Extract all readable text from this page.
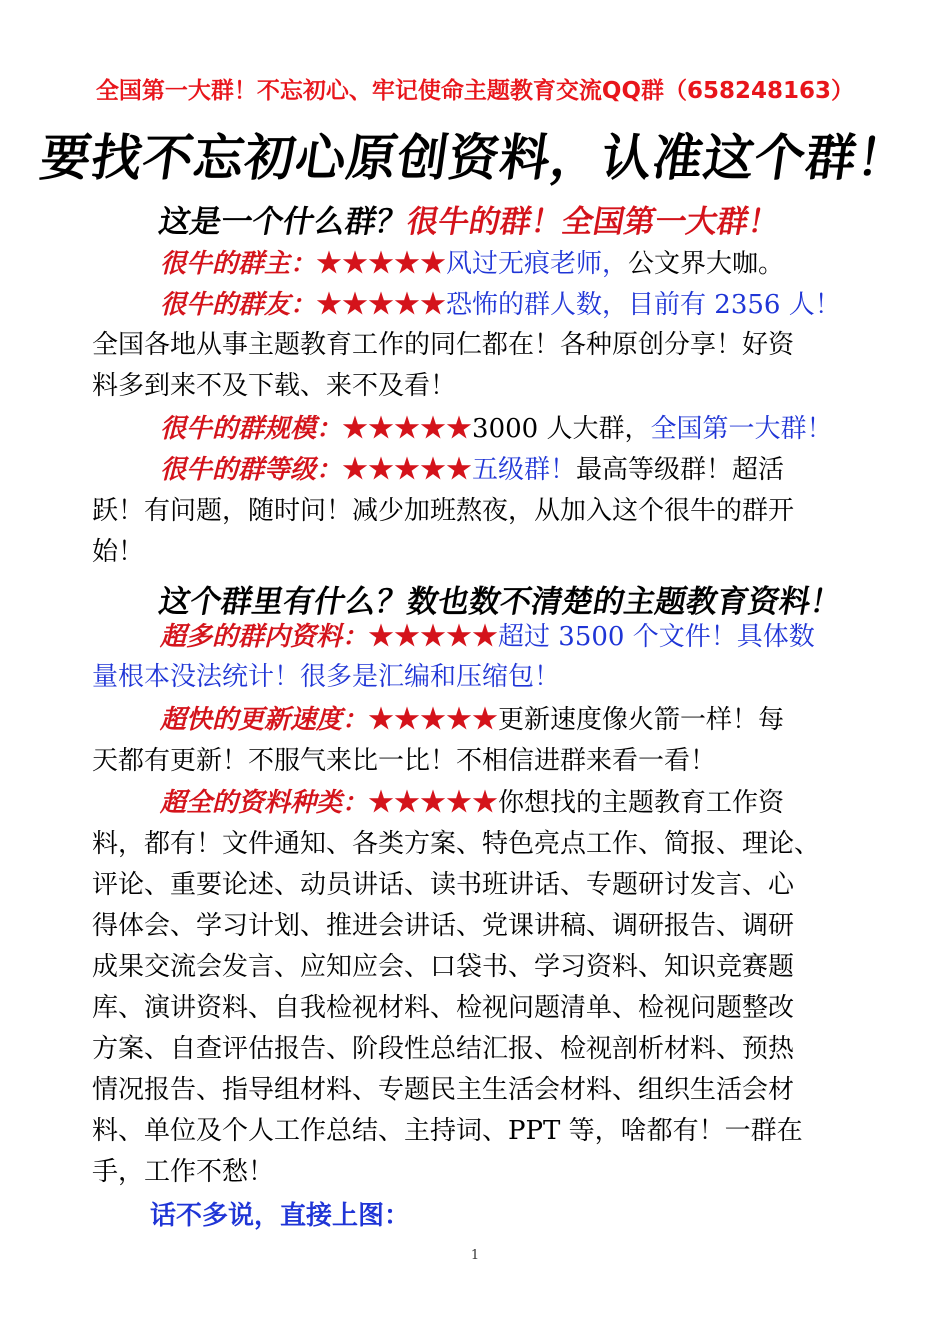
全国第一大群！不忘初心、牢记使命主题教育交流QQ群（658248163）
要找不忘初心原创资料，认准这个群！
这是一个什么群？很牛的群！全国第一大群！
很牛的群主：★★★★★风过无痕老师，公文界大咖。
很牛的群友：★★★★★恐怖的群人数，目前有 2356 人！
全国各地从事主题教育工作的同仁都在！各种原创分享！好资
料多到来不及下载、来不及看！
很牛的群规模：★★★★★3000 人大群，全国第一大群！
很牛的群等级：★★★★★五级群！最高等级群！超活
跃！有问题，随时问！减少加班熬夜，从加入这个很牛的群开
始！
这个群里有什么？数也数不清楚的主题教育资料！
超多的群内资料：★★★★★超过 3500 个文件！具体数
量根本没法统计！很多是汇编和压缩包！
超快的更新速度：★★★★★更新速度像火箭一样！每
天都有更新！不服气来比一比！不相信进群来看一看！
超全的资料种类：★★★★★你想找的主题教育工作资
料，都有！文件通知、各类方案、特色亮点工作、简报、理论、
评论、重要论述、动员讲话、读书班讲话、专题研讨发言、心
得体会、学习计划、推进会讲话、党课讲稿、调研报告、调研
成果交流会发言、应知应会、口袋书、学习资料、知识竞赛题
库、演讲资料、自我检视材料、检视问题清单、检视问题整改
方案、自查评估报告、阶段性总结汇报、检视剖析材料、预热
情况报告、指导组材料、专题民主生活会材料、组织生活会材
料、单位及个人工作总结、主持词、PPT 等，啥都有！一群在
手，工作不愁！
话不多说，直接上图：
1
